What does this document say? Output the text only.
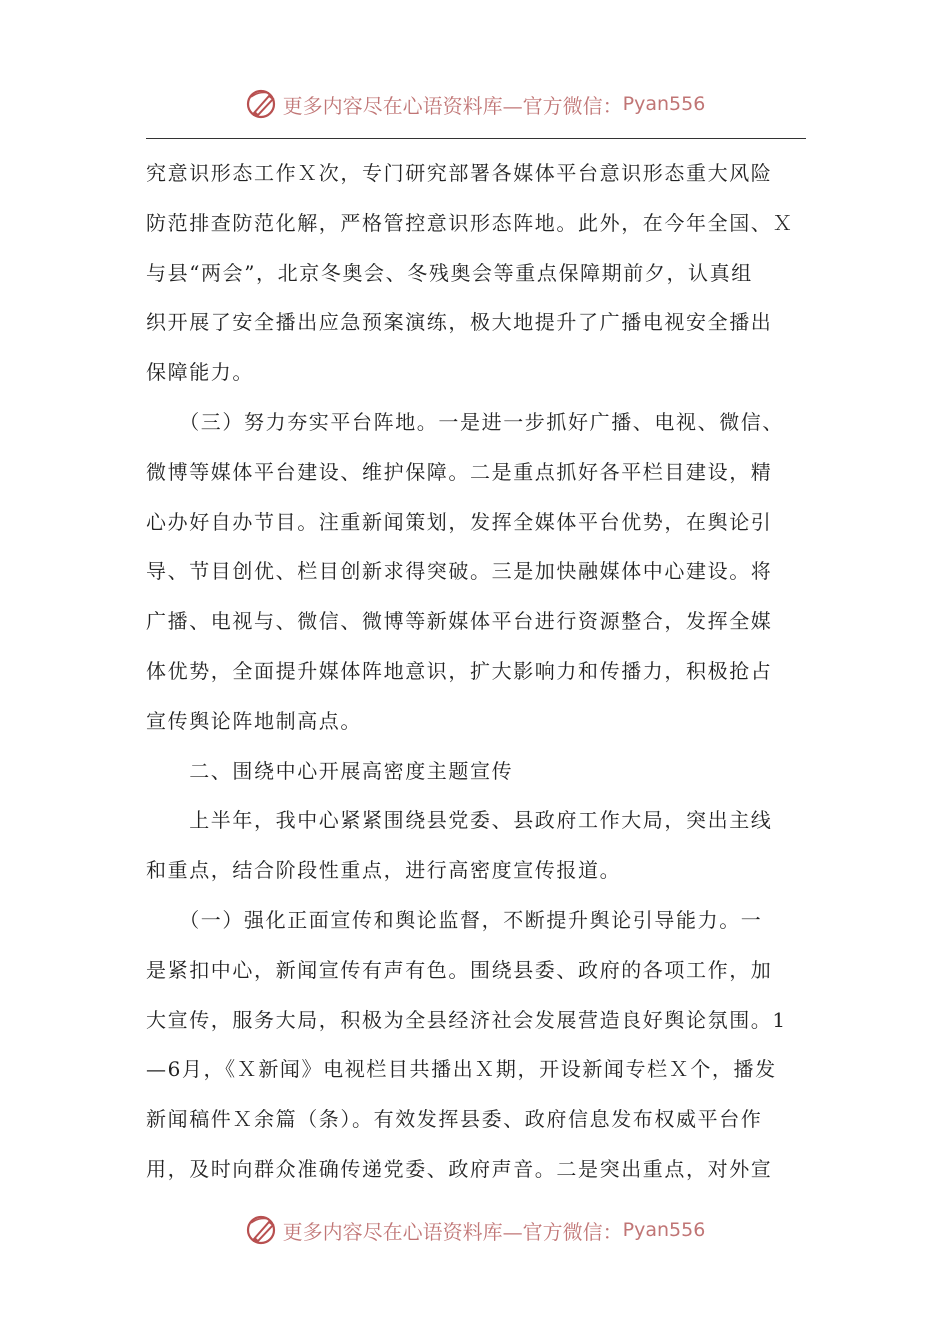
更多内容尽在心语资料库—官方微信： Pyan556
究意识形态工作Ｘ次，专门研究部署各媒体平台意识形态重大风险
防范排查防范化解，严格管控意识形态阵地。此外，在今年全国、Ｘ
与县“两会”，北京冬奥会、冬残奥会等重点保障期前夕，认真组
织开展了安全播出应急预案演练，极大地提升了广播电视安全播出
保障能力。
　　（三）努力夯实平台阵地。一是进一步抓好广播、电视、微信、
微博等媒体平台建设、维护保障。二是重点抓好各平栏目建设，精
心办好自办节目。注重新闻策划，发挥全媒体平台优势，在舆论引
导、节目创优、栏目创新求得突破。三是加快融媒体中心建设。将
广播、电视与、微信、微博等新媒体平台进行资源整合，发挥全媒
体优势，全面提升媒体阵地意识，扩大影响力和传播力，积极抢占
宣传舆论阵地制高点。
　　二、围绕中心开展高密度主题宣传
　　上半年，我中心紧紧围绕县党委、县政府工作大局，突出主线
和重点，结合阶段性重点，进行高密度宣传报道。
　　（一）强化正面宣传和舆论监督，不断提升舆论引导能力。一
是紧扣中心，新闻宣传有声有色。围绕县委、政府的各项工作，加
大宣传，服务大局，积极为全县经济社会发展营造良好舆论氛围。1
—6月，《Ｘ新闻》电视栏目共播出Ｘ期，开设新闻专栏Ｘ个，播发
新闻稿件Ｘ余篇（条）。有效发挥县委、政府信息发布权威平台作
用，及时向群众准确传递党委、政府声音。二是突出重点，对外宣
更多内容尽在心语资料库—官方微信： Pyan556
